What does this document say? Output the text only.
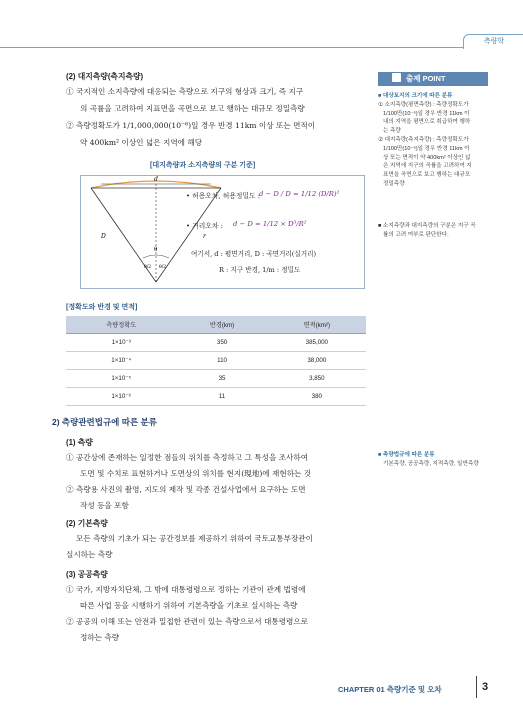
측량학
(2) 대지측량(측지측량)
① 국지적인 소지측량에 대응되는 측량으로 지구의 형상과 크기, 즉 지구
의 곡률을 고려하여 지표면을 곡면으로 보고 행하는 대규모 정밀측량
② 측량정확도가 1/1,000,000(10⁻⁶)일 경우 반경 11km 이상 또는 면적이
약 400km² 이상인 넓은 지역에 해당
[대지측량과 소지측량의 구분 기준]
d
D
θ
θ/2 θ/2
r
• 허용오차, 허용정밀도 :
d − D / D = 1/12 (D/R)²
• 거리오차 : d − D = 1/12 × D³/R²
여기서, d : 평면거리, D : 곡면거리(실거리)
R : 지구 반경, 1/m : 정밀도
[정확도와 반경 및 면적]
측량정확도	반경(km)	면적(km²)
1×10⁻³	350	385,000
1×10⁻⁴	110	38,000
1×10⁻⁵	35	3,850
1×10⁻⁶	11	380
2) 측량관련법규에 따른 분류
(1) 측량
① 공간상에 존재하는 일정한 점들의 위치를 측정하고 그 특성을 조사하여
도면 및 수치로 표현하거나 도면상의 위치를 현지(現地)에 재현하는 것
② 측량용 사진의 촬영, 지도의 제작 및 각종 건설사업에서 요구하는 도면
작성 등을 포함
(2) 기본측량
모든 측량의 기초가 되는 공간정보를 제공하기 위하여 국토교통부장관이
실시하는 측량
(3) 공공측량
① 국가, 지방자치단체, 그 밖에 대통령령으로 정하는 기관이 관계 법령에
따른 사업 등을 시행하기 위하여 기본측량을 기초로 실시하는 측량
② 공공의 이해 또는 안전과 밀접한 관련이 있는 측량으로서 대통령령으로
정하는 측량
출제 POINT
■ 대상토지의 크기에 따른 분류
① 소지측량(평면측량) : 측량정확도가
1/100만(10⁻⁶)일 경우 반경 11km 이
내의 지역을 평면으로 취급하여 행하
는 측량
② 대지측량(측지측량) : 측량정확도가
1/100만(10⁻⁶)일 경우 반경 11km 이
상 또는 면적이 약 400km² 이상인 넓
은 지역에 지구의 곡률을 고려하여 지
표면을 곡면으로 보고 행하는 대규모
정밀측량
■ 소지측량과 대지측량의 구분은 지구 곡
률의 고려 여부로 판단한다.
■ 측량법규에 따른 분류
기본측량, 공공측량, 지적측량, 일반측량
CHAPTER 01 측량기준 및 오차	3
